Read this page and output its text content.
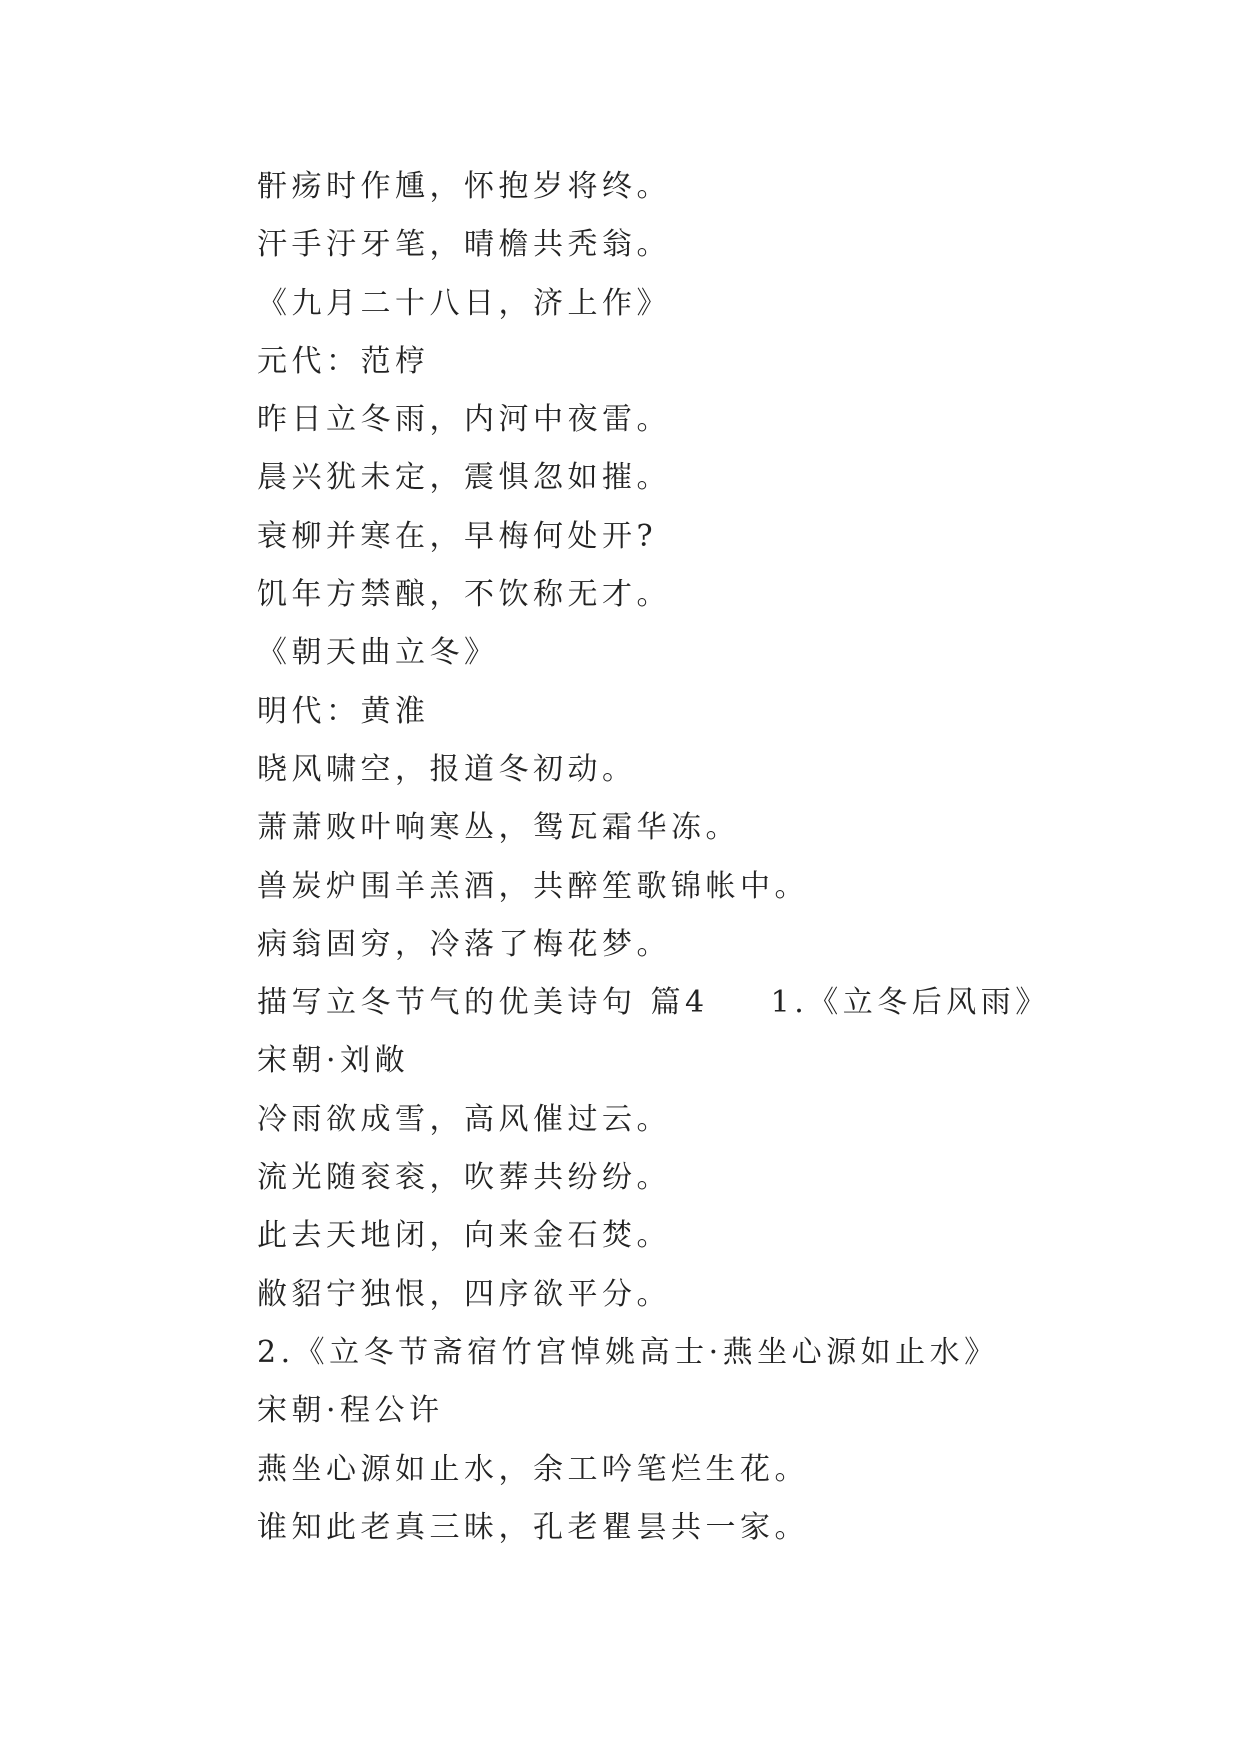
骭疡时作尰，怀抱岁将终。
汗手汙牙笔，晴檐共秃翁。
《九月二十八日，济上作》
元代：范梈
昨日立冬雨，内河中夜雷。
晨兴犹未定，震惧忽如摧。
衰柳并寒在，早梅何处开?
饥年方禁酿，不饮称无才。
《朝天曲立冬》
明代：黄淮
晓风啸空，报道冬初动。
萧萧败叶响寒丛，鸳瓦霜华冻。
兽炭炉围羊羔酒，共醉笙歌锦帐中。
病翁固穷，冷落了梅花梦。
描写立冬节气的优美诗句 篇4 1.《立冬后风雨》
宋朝·刘敞
冷雨欲成雪，高风催过云。
流光随衮衮，吹葬共纷纷。
此去天地闭，向来金石焚。
敝貂宁独恨，四序欲平分。
2.《立冬节斋宿竹宫悼姚高士·燕坐心源如止水》
宋朝·程公许
燕坐心源如止水，余工吟笔烂生花。
谁知此老真三昧，孔老瞿昙共一家。
